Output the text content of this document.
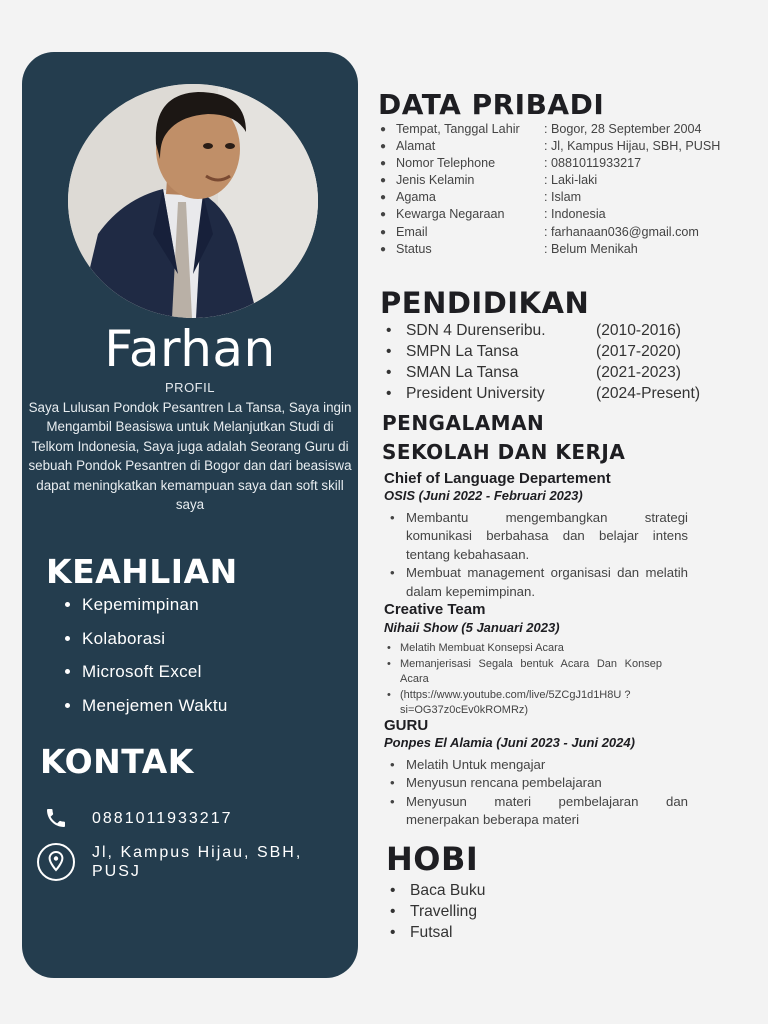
Farhan
PROFIL
Saya Lulusan Pondok Pesantren La Tansa, Saya ingin Mengambil Beasiswa untuk Melanjutkan Studi di Telkom Indonesia, Saya juga adalah Seorang Guru di sebuah Pondok Pesantren di Bogor dan dari beasiswa dapat meningkatkan kemampuan saya dan soft skill saya
KEAHLIAN
• Kepemimpinan
• Kolaborasi
• Microsoft Excel
• Menejemen Waktu
KONTAK
0881011933217
Jl, Kampus Hijau, SBH, PUSJ
DATA PRIBADI
● Tempat, Tanggal Lahir	: Bogor, 28 September 2004
● Alamat	: Jl, Kampus Hijau, SBH, PUSH
● Nomor Telephone	: 0881011933217
● Jenis Kelamin	: Laki-laki
● Agama	: Islam
● Kewarga Negaraan	: Indonesia
● Email	: farhanaan036@gmail.com
● Status	: Belum Menikah
PENDIDIKAN
• SDN 4 Durenseribu.	(2010-2016)
• SMPN La Tansa	(2017-2020)
• SMAN La Tansa	(2021-2023)
• President University	(2024-Present)
PENGALAMAN
SEKOLAH DAN KERJA
Chief of Language Departement
OSIS (Juni 2022 - Februari 2023)
• Membantu mengembangkan strategi komunikasi berbahasa dan belajar intens tentang kebahasaan.
• Membuat management organisasi dan melatih dalam kepemimpinan.
Creative Team
Nihaii Show (5 Januari 2023)
• Melatih Membuat Konsepsi Acara
• Memanjerisasi Segala bentuk Acara Dan Konsep Acara
• (https://www.youtube.com/live/5ZCgJ1d1H8U ?si=OG37z0cEv0kROMRz)
GURU
Ponpes El Alamia (Juni 2023 - Juni 2024)
• Melatih Untuk mengajar
• Menyusun rencana pembelajaran
• Menyusun materi pembelajaran dan menerpakan beberapa materi
HOBI
• Baca Buku
• Travelling
• Futsal
